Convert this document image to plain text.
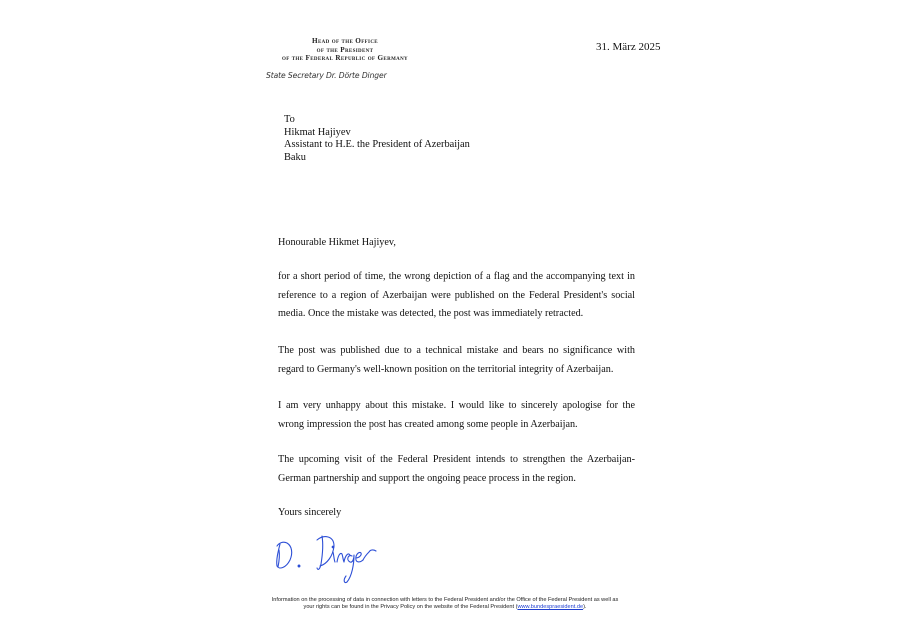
Head of the Office
of the President
of the Federal Republic of Germany
State Secretary Dr. Dörte Dinger
31. März 2025
To
Hikmat Hajiyev
Assistant to H.E. the President of Azerbaijan
Baku
Honourable Hikmet Hajiyev,
for a short period of time, the wrong depiction of a flag and the accompanying text in reference to a region of Azerbaijan were published on the Federal President's social media. Once the mistake was detected, the post was immediately retracted.
The post was published due to a technical mistake and bears no significance with regard to Germany's well-known position on the territorial integrity of Azerbaijan.
I am very unhappy about this mistake. I would like to sincerely apologise for the wrong impression the post has created among some people in Azerbaijan.
The upcoming visit of the Federal President intends to strengthen the Azerbaijan-German partnership and support the ongoing peace process in the region.
Yours sincerely
Information on the processing of data in connection with letters to the Federal President and/or the Office of the Federal President as well as
your rights can be found in the Privacy Policy on the website of the Federal President (www.bundespraesident.de).
